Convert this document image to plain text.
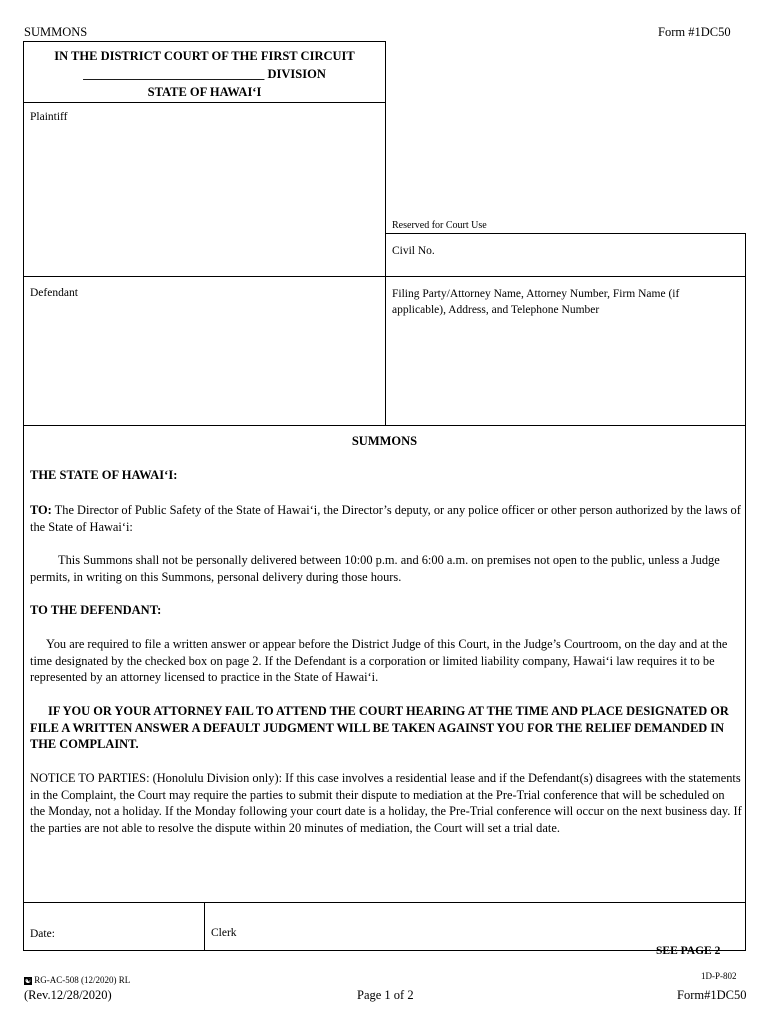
SUMMONS	Form #1DC50
IN THE DISTRICT COURT OF THE FIRST CIRCUIT
_____________________________ DIVISION
STATE OF HAWAI‘I
Plaintiff
Reserved for Court Use
Civil No.
Defendant	Filing Party/Attorney Name, Attorney Number, Firm Name (if applicable), Address, and Telephone Number
SUMMONS
THE STATE OF HAWAI‘I:
TO: The Director of Public Safety of the State of Hawai‘i, the Director’s deputy, or any police officer or other person authorized by the laws of the State of Hawai‘i:
This Summons shall not be personally delivered between 10:00 p.m. and 6:00 a.m. on premises not open to the public, unless a Judge permits, in writing on this Summons, personal delivery during those hours.
TO THE DEFENDANT:
You are required to file a written answer or appear before the District Judge of this Court, in the Judge’s Courtroom, on the day and at the time designated by the checked box on page 2. If the Defendant is a corporation or limited liability company, Hawai‘i law requires it to be represented by an attorney licensed to practice in the State of Hawai‘i.
IF YOU OR YOUR ATTORNEY FAIL TO ATTEND THE COURT HEARING AT THE TIME AND PLACE DESIGNATED OR FILE A WRITTEN ANSWER A DEFAULT JUDGMENT WILL BE TAKEN AGAINST YOU FOR THE RELIEF DEMANDED IN THE COMPLAINT.
NOTICE TO PARTIES: (Honolulu Division only): If this case involves a residential lease and if the Defendant(s) disagrees with the statements in the Complaint, the Court may require the parties to submit their dispute to mediation at the Pre-Trial conference that will be scheduled on the Monday, not a holiday. If the Monday following your court date is a holiday, the Pre-Trial conference will occur on the next business day. If the parties are not able to resolve the dispute within 20 minutes of mediation, the Court will set a trial date.
Date:	Clerk
SEE PAGE 2
☯ RG-AC-508 (12/2020) RL
(Rev.12/28/2020)	Page 1 of 2
1D-P-802
Form#1DC50
